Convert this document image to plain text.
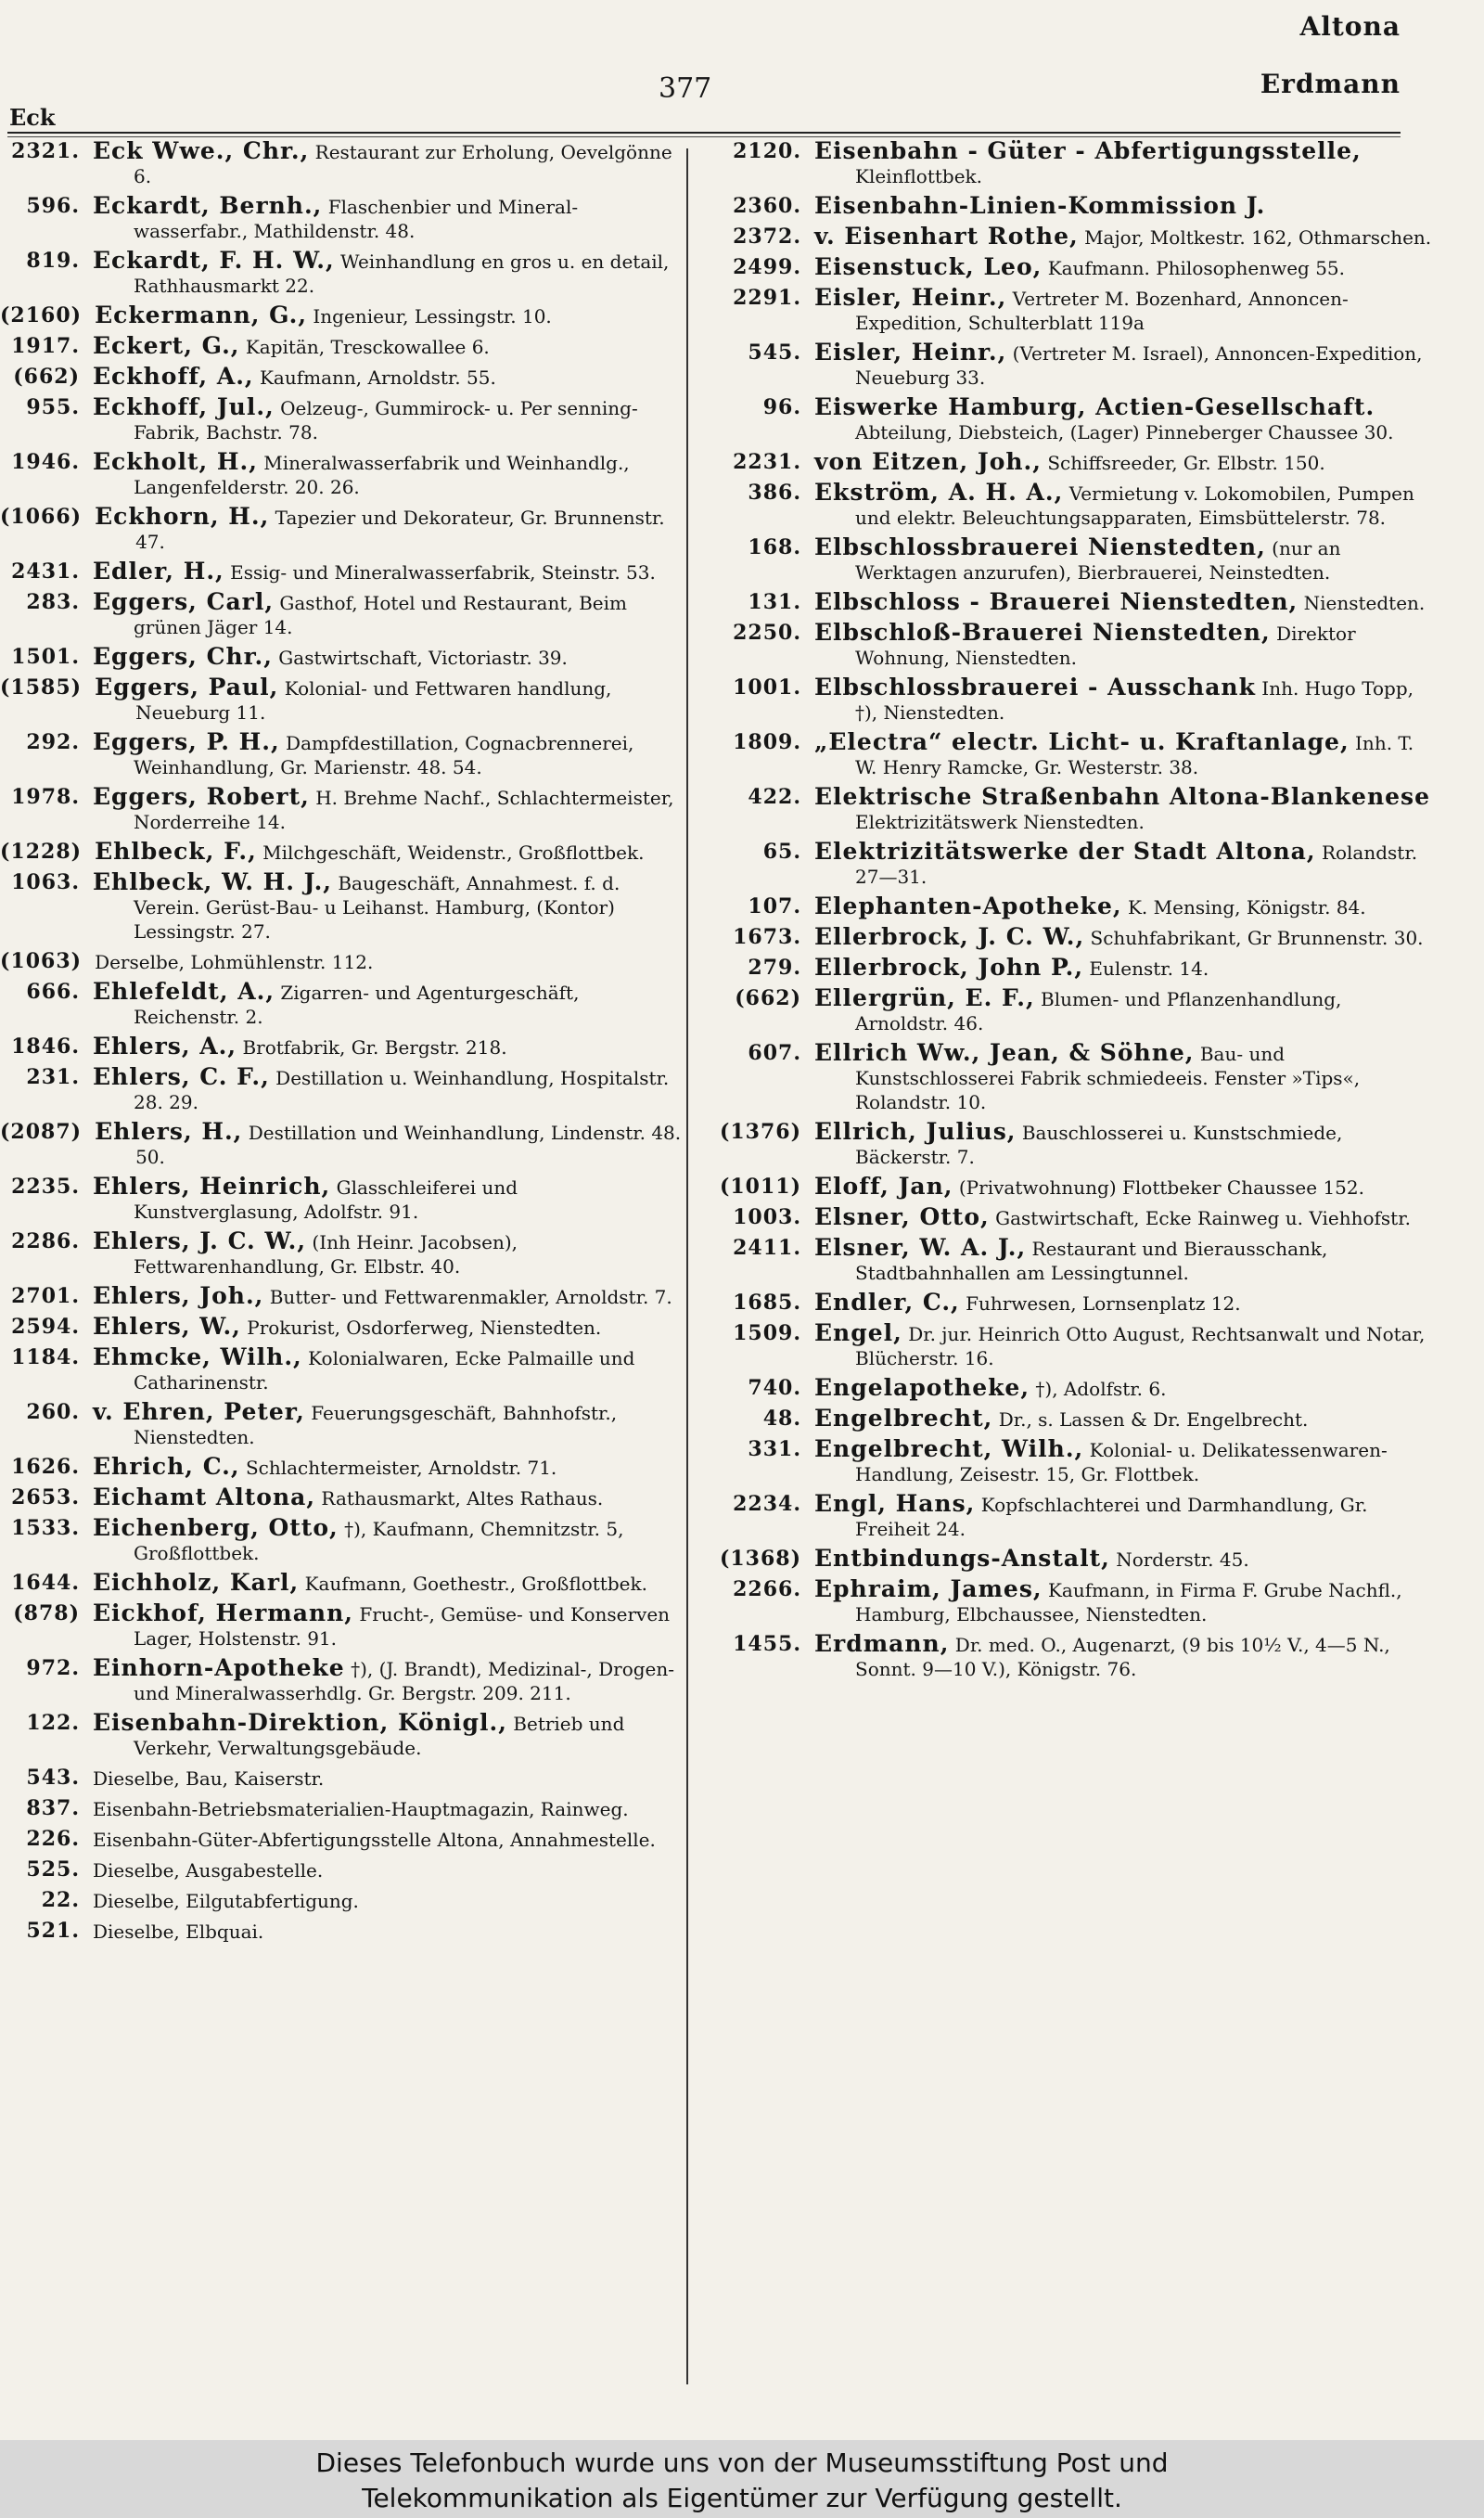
Altona
377	Erdmann
Eck
2321. Eck Wwe., Chr., Restaurant zur Erholung, Oevelgönne 6.
596. Eckardt, Bernh., Flaschenbier und Mineral-wasserfabr., Mathildenstr. 48.
819. Eckardt, F. H. W., Weinhandlung en gros u. en detail, Rathhausmarkt 22.
(2160) Eckermann, G., Ingenieur, Lessingstr. 10.
1917. Eckert, G., Kapitän, Tresckowallee 6.
(662) Eckhoff, A., Kaufmann, Arnoldstr. 55.
955. Eckhoff, Jul., Oelzeug-, Gummirock- u. Per senning-Fabrik, Bachstr. 78.
1946. Eckholt, H., Mineralwasserfabrik und Weinhandlg., Langenfelderstr. 20. 26.
(1066) Eckhorn, H., Tapezier und Dekorateur, Gr. Brunnenstr. 47.
2431. Edler, H., Essig- und Mineralwasserfabrik, Steinstr. 53.
283. Eggers, Carl, Gasthof, Hotel und Restaurant, Beim grünen Jäger 14.
1501. Eggers, Chr., Gastwirtschaft, Victoriastr. 39.
(1585) Eggers, Paul, Kolonial- und Fettwaren handlung, Neueburg 11.
292. Eggers, P. H., Dampfdestillation, Cognacbrennerei, Weinhandlung, Gr. Marienstr. 48. 54.
1978. Eggers, Robert, H. Brehme Nachf., Schlachtermeister, Norderreihe 14.
(1228) Ehlbeck, F., Milchgeschäft, Weidenstr., Großflottbek.
1063. Ehlbeck, W. H. J., Baugeschäft, Annahmest. f. d. Verein. Gerüst-Bau- u Leihanst. Hamburg, (Kontor) Lessingstr. 27.
(1063) Derselbe, Lohmühlenstr. 112.
666. Ehlefeldt, A., Zigarren- und Agenturgeschäft, Reichenstr. 2.
1846. Ehlers, A., Brotfabrik, Gr. Bergstr. 218.
231. Ehlers, C. F., Destillation u. Weinhandlung, Hospitalstr. 28. 29.
(2087) Ehlers, H., Destillation und Weinhandlung, Lindenstr. 48. 50.
2235. Ehlers, Heinrich, Glasschleiferei und Kunstverglasung, Adolfstr. 91.
2286. Ehlers, J. C. W., (Inh Heinr. Jacobsen), Fettwarenhandlung, Gr. Elbstr. 40.
2701. Ehlers, Joh., Butter- und Fettwarenmakler, Arnoldstr. 7.
2594. Ehlers, W., Prokurist, Osdorferweg, Nienstedten.
1184. Ehmcke, Wilh., Kolonialwaren, Ecke Palmaille und Catharinenstr.
260. v. Ehren, Peter, Feuerungsgeschäft, Bahnhofstr., Nienstedten.
1626. Ehrich, C., Schlachtermeister, Arnoldstr. 71.
2653. Eichamt Altona, Rathausmarkt, Altes Rathaus.
1533. Eichenberg, Otto, †), Kaufmann, Chemnitzstr. 5, Großflottbek.
1644. Eichholz, Karl, Kaufmann, Goethestr., Großflottbek.
(878) Eickhof, Hermann, Frucht-, Gemüse- und Konserven Lager, Holstenstr. 91.
972. Einhorn-Apotheke †), (J. Brandt), Medizinal-, Drogen- und Mineralwasserhdlg. Gr. Bergstr. 209. 211.
122. Eisenbahn-Direktion, Königl., Betrieb und Verkehr, Verwaltungsgebäude.
543. Dieselbe, Bau, Kaiserstr.
837. Eisenbahn-Betriebsmaterialien-Hauptmagazin, Rainweg.
226. Eisenbahn-Güter-Abfertigungsstelle Altona, Annahmestelle.
525. Dieselbe, Ausgabestelle.
22. Dieselbe, Eilgutabfertigung.
521. Dieselbe, Elbquai.
2120. Eisenbahn - Güter - Abfertigungsstelle, Kleinflottbek.
2360. Eisenbahn-Linien-Kommission J.
2372. v. Eisenhart Rothe, Major, Moltkestr. 162, Othmarschen.
2499. Eisenstuck, Leo, Kaufmann. Philosophenweg 55.
2291. Eisler, Heinr., Vertreter M. Bozenhard, Annoncen-Expedition, Schulterblatt 119a
545. Eisler, Heinr., (Vertreter M. Israel), Annoncen-Expedition, Neueburg 33.
96. Eiswerke Hamburg, Actien-Gesellschaft. Abteilung, Diebsteich, (Lager) Pinneberger Chaussee 30.
2231. von Eitzen, Joh., Schiffsreeder, Gr. Elbstr. 150.
386. Ekström, A. H. A., Vermietung v. Lokomobilen, Pumpen und elektr. Beleuchtungsapparaten, Eimsbüttelerstr. 78.
168. Elbschlossbrauerei Nienstedten, (nur an Werktagen anzurufen), Bierbrauerei, Neinstedten.
131. Elbschloss - Brauerei Nienstedten, Nienstedten.
2250. Elbschloß-Brauerei Nienstedten, Direktor Wohnung, Nienstedten.
1001. Elbschlossbrauerei - Ausschank Inh. Hugo Topp, †), Nienstedten.
1809. „Electra“ electr. Licht- u. Kraftanlage, Inh. T. W. Henry Ramcke, Gr. Westerstr. 38.
422. Elektrische Straßenbahn Altona-Blankenese Elektrizitätswerk Nienstedten.
65. Elektrizitätswerke der Stadt Altona, Rolandstr. 27—31.
107. Elephanten-Apotheke, K. Mensing, Königstr. 84.
1673. Ellerbrock, J. C. W., Schuhfabrikant, Gr Brunnenstr. 30.
279. Ellerbrock, John P., Eulenstr. 14.
(662) Ellergrün, E. F., Blumen- und Pflanzenhandlung, Arnoldstr. 46.
607. Ellrich Ww., Jean, & Söhne, Bau- und Kunstschlosserei Fabrik schmiedeeis. Fenster »Tips«, Rolandstr. 10.
(1376) Ellrich, Julius, Bauschlosserei u. Kunstschmiede, Bäckerstr. 7.
(1011) Eloff, Jan, (Privatwohnung) Flottbeker Chaussee 152.
1003. Elsner, Otto, Gastwirtschaft, Ecke Rainweg u. Viehhofstr.
2411. Elsner, W. A. J., Restaurant und Bierausschank, Stadtbahnhallen am Lessingtunnel.
1685. Endler, C., Fuhrwesen, Lornsenplatz 12.
1509. Engel, Dr. jur. Heinrich Otto August, Rechtsanwalt und Notar, Blücherstr. 16.
740. Engelapotheke, †), Adolfstr. 6.
48. Engelbrecht, Dr., s. Lassen & Dr. Engelbrecht.
331. Engelbrecht, Wilh., Kolonial- u. Delikatessenwaren-Handlung, Zeisestr. 15, Gr. Flottbek.
2234. Engl, Hans, Kopfschlachterei und Darmhandlung, Gr. Freiheit 24.
(1368) Entbindungs-Anstalt, Norderstr. 45.
2266. Ephraim, James, Kaufmann, in Firma F. Grube Nachfl., Hamburg, Elbchaussee, Nienstedten.
1455. Erdmann, Dr. med. O., Augenarzt, (9 bis 10½ V., 4—5 N., Sonnt. 9—10 V.), Königstr. 76.
Dieses Telefonbuch wurde uns von der Museumsstiftung Post und
Telekommunikation als Eigentümer zur Verfügung gestellt.
